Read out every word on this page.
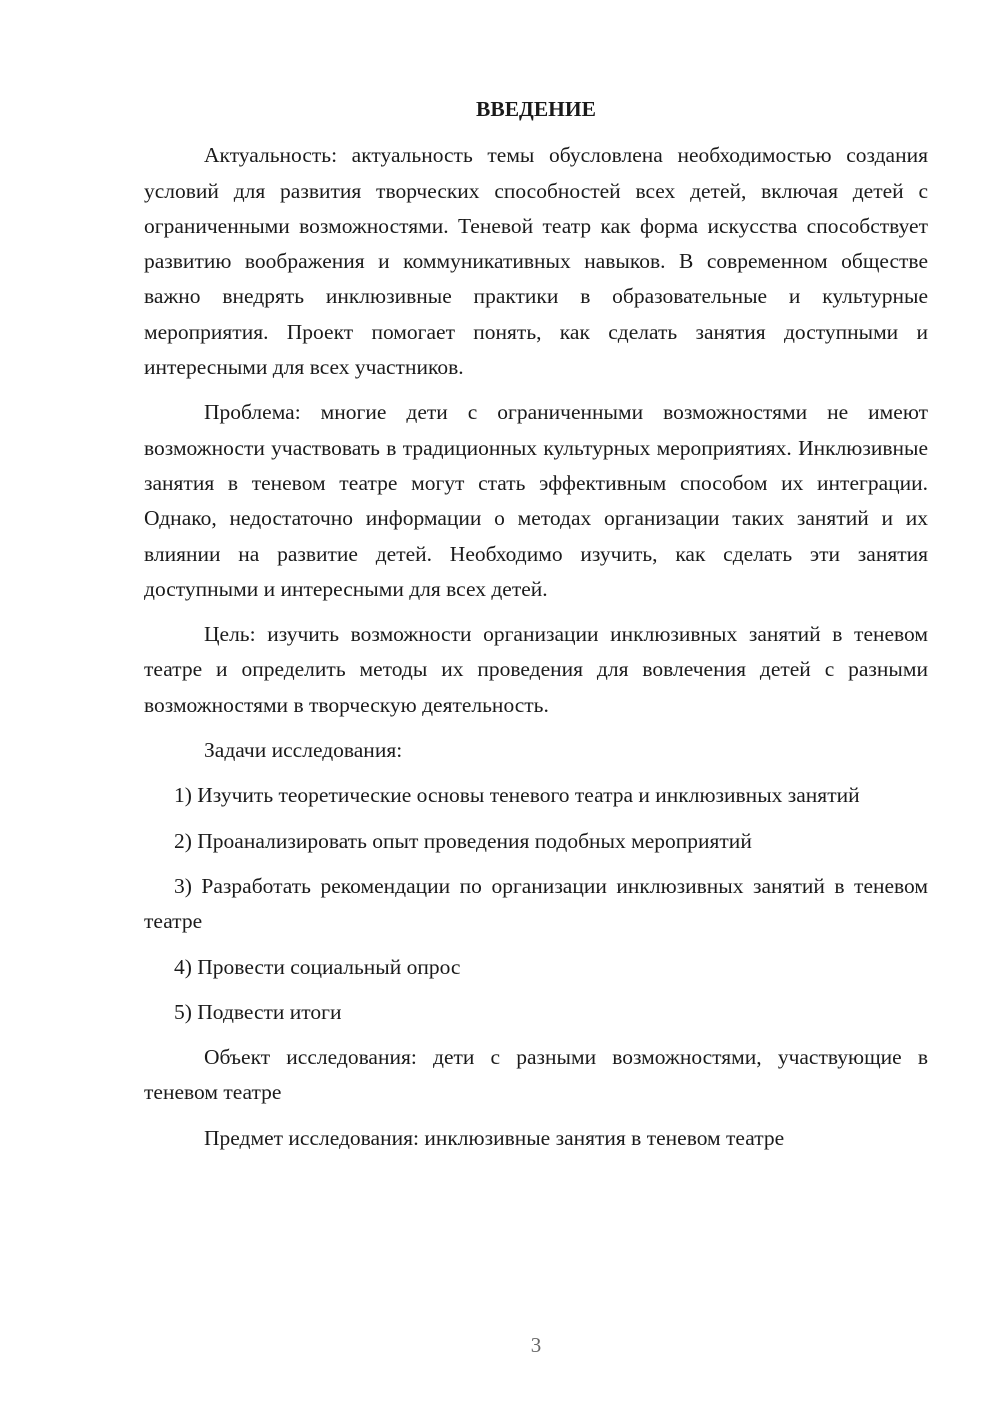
ВВЕДЕНИЕ

Актуальность: актуальность темы обусловлена необходимостью создания условий для развития творческих способностей всех детей, включая детей с ограниченными возможностями. Теневой театр как форма искусства способствует развитию воображения и коммуникативных навыков. В современном обществе важно внедрять инклюзивные практики в образовательные и культурные мероприятия. Проект помогает понять, как сделать занятия доступными и интересными для всех участников.

Проблема: многие дети с ограниченными возможностями не имеют возможности участвовать в традиционных культурных мероприятиях. Инклюзивные занятия в теневом театре могут стать эффективным способом их интеграции. Однако, недостаточно информации о методах организации таких занятий и их влиянии на развитие детей. Необходимо изучить, как сделать эти занятия доступными и интересными для всех детей.

Цель: изучить возможности организации инклюзивных занятий в теневом театре и определить методы их проведения для вовлечения детей с разными возможностями в творческую деятельность.

Задачи исследования:

1) Изучить теоретические основы теневого театра и инклюзивных занятий

2) Проанализировать опыт проведения подобных мероприятий

3) Разработать рекомендации по организации инклюзивных занятий в теневом театре

4) Провести социальный опрос

5) Подвести итоги

Объект исследования: дети с разными возможностями, участвующие в теневом театре

Предмет исследования: инклюзивные занятия в теневом театре

3
